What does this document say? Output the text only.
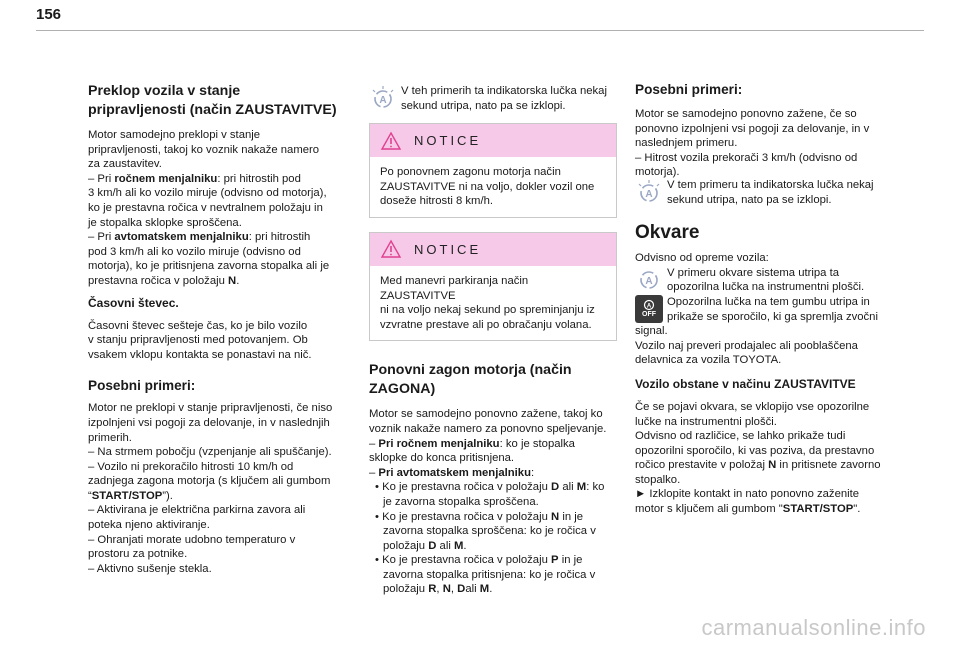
156
Preklop vozila v stanje pripravljenosti (način ZAUSTAVITVE)
Motor samodejno preklopi v stanje
pripravljenosti, takoj ko voznik nakaže namero
za zaustavitev.
– Pri ročnem menjalniku: pri hitrostih pod
3 km/h ali ko vozilo miruje (odvisno od motorja),
ko je prestavna ročica v nevtralnem položaju in
je stopalka sklopke sproščena.
– Pri avtomatskem menjalniku: pri hitrostih
pod 3 km/h ali ko vozilo miruje (odvisno od
motorja), ko je pritisnjena zavorna stopalka ali je
prestavna ročica v položaju N.
Časovni števec.
Časovni števec sešteje čas, ko je bilo vozilo
v stanju pripravljenosti med potovanjem. Ob
vsakem vklopu kontakta se ponastavi na nič.
Posebni primeri:
Motor ne preklopi v stanje pripravljenosti, če niso
izpolnjeni vsi pogoji za delovanje, in v naslednjih
primerih.
– Na strmem pobočju (vzpenjanje ali spuščanje).
– Vozilo ni prekoračilo hitrosti 10 km/h od
zadnjega zagona motorja (s ključem ali gumbom
“START/STOP”).
– Aktivirana je električna parkirna zavora ali
poteka njeno aktiviranje.
– Ohranjati morate udobno temperaturo v
prostoru za potnike.
– Aktivno sušenje stekla.
A
V teh primerih ta indikatorska lučka nekaj
sekund utripa, nato pa se izklopi.
NOTICE
Po ponovnem zagonu motorja način
ZAUSTAVITVE ni na voljo, dokler vozil one
doseže hitrosti 8 km/h.
NOTICE
Med manevri parkiranja način ZAUSTAVITVE
ni na voljo nekaj sekund po spreminjanju iz
vzvratne prestave ali po obračanju volana.
Ponovni zagon motorja (način ZAGONA)
Motor se samodejno ponovno zažene, takoj ko
voznik nakaže namero za ponovno speljevanje.
– Pri ročnem menjalniku: ko je stopalka
sklopke do konca pritisnjena.
– Pri avtomatskem menjalniku:
• Ko je prestavna ročica v položaju D ali M: ko
je zavorna stopalka sproščena.
• Ko je prestavna ročica v položaju N in je
zavorna stopalka sproščena: ko je ročica v
položaju D ali M.
• Ko je prestavna ročica v položaju P in je
zavorna stopalka pritisnjena: ko je ročica v
položaju R, N, Dali M.
Posebni primeri:
Motor se samodejno ponovno zažene, če so
ponovno izpolnjeni vsi pogoji za delovanje, in v
naslednjem primeru.
– Hitrost vozila prekorači 3 km/h (odvisno od
motorja).
A
V tem primeru ta indikatorska lučka nekaj
sekund utripa, nato pa se izklopi.
Okvare
Odvisno od opreme vozila:
A
V primeru okvare sistema utripa ta
opozorilna lučka na instrumentni plošči.
A
OFF
Opozorilna lučka na tem gumbu utripa in
prikaže se sporočilo, ki ga spremlja zvočni
signal.
Vozilo naj preveri prodajalec ali pooblaščena
delavnica za vozila TOYOTA.
Vozilo obstane v načinu ZAUSTAVITVE
Če se pojavi okvara, se vklopijo vse opozorilne
lučke na instrumentni plošči.
Odvisno od različice, se lahko prikaže tudi
opozorilni sporočilo, ki vas poziva, da prestavno
ročico prestavite v položaj N in pritisnete zavorno
stopalko.
► Izklopite kontakt in nato ponovno zaženite
motor s ključem ali gumbom "START/STOP".
carmanualsonline.info
